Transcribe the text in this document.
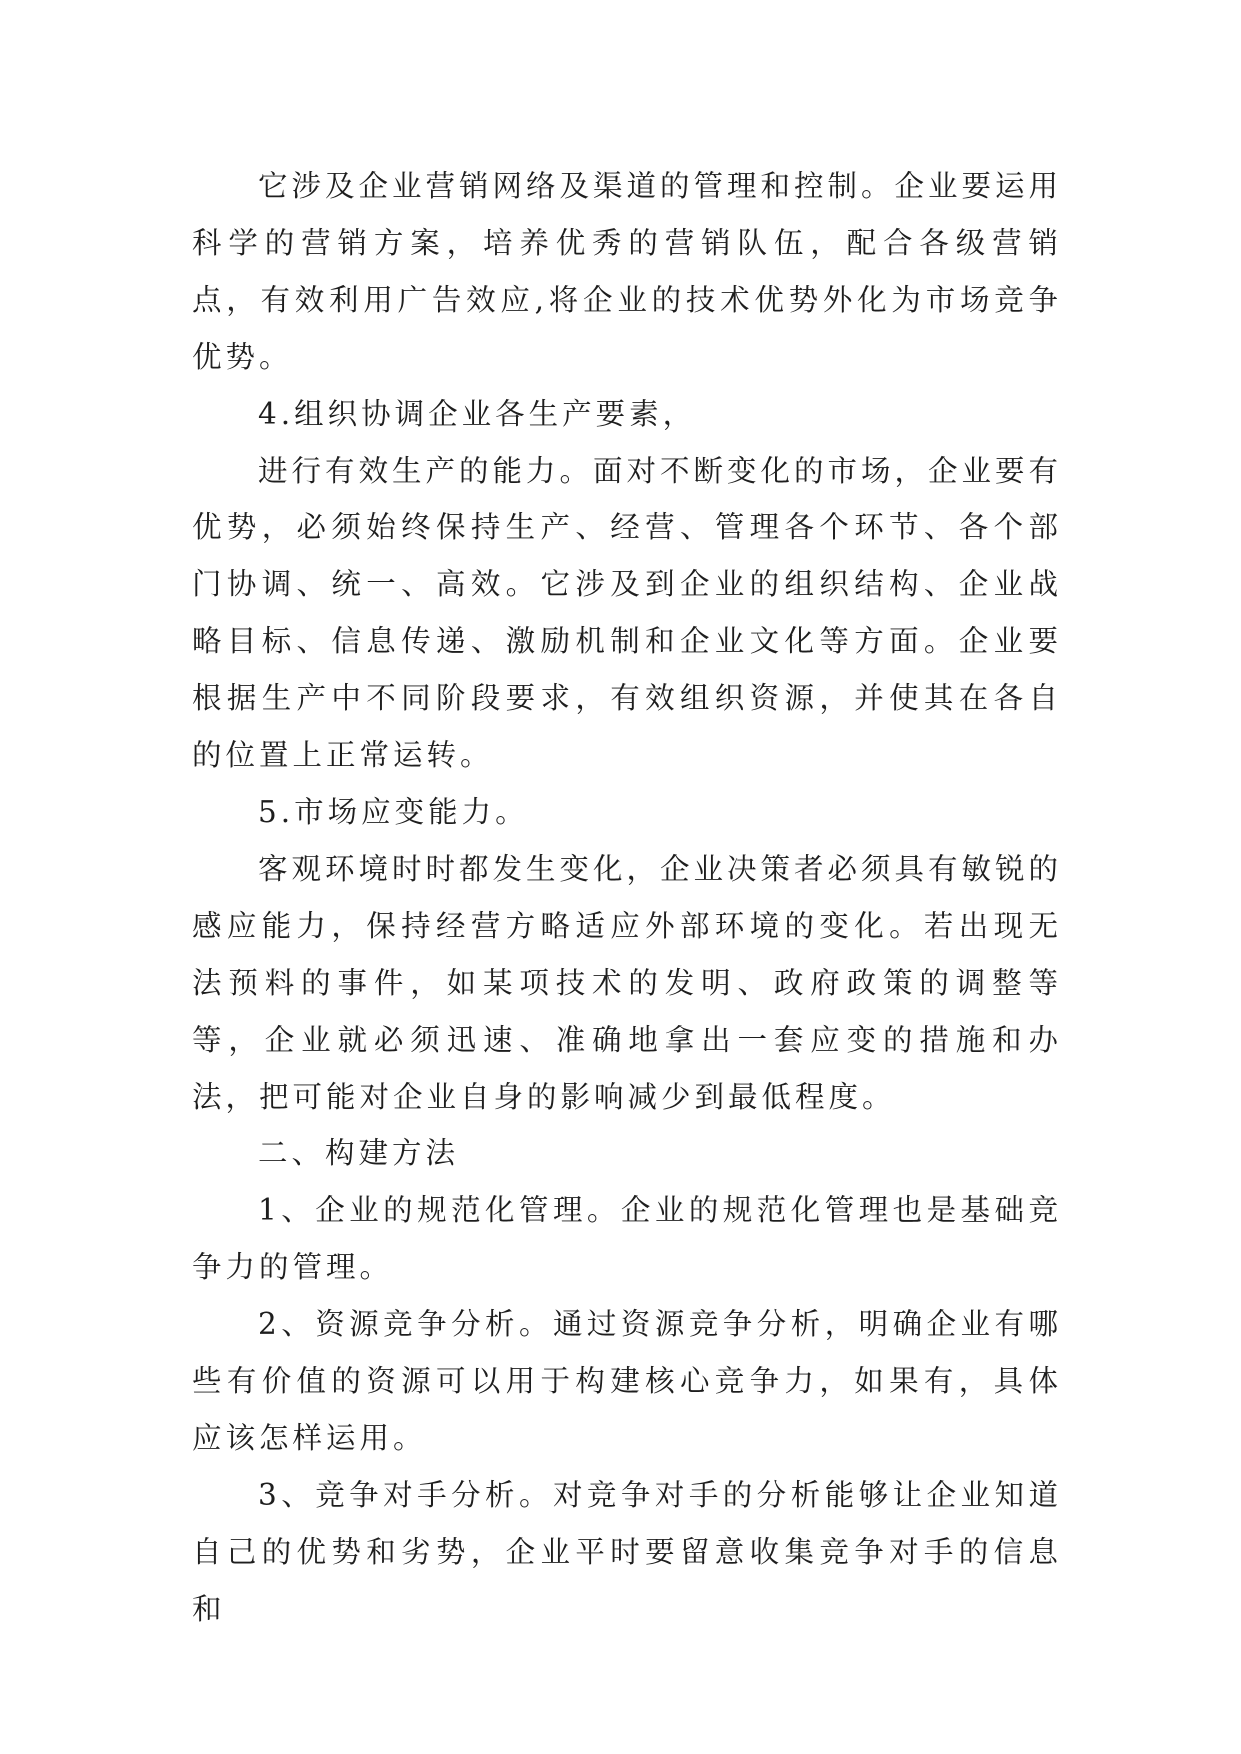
它涉及企业营销网络及渠道的管理和控制。企业要运用科学的营销方案，培养优秀的营销队伍，配合各级营销点，有效利用广告效应,将企业的技术优势外化为市场竞争优势。

4.组织协调企业各生产要素，

进行有效生产的能力。面对不断变化的市场，企业要有优势，必须始终保持生产、经营、管理各个环节、各个部门协调、统一、高效。它涉及到企业的组织结构、企业战略目标、信息传递、激励机制和企业文化等方面。企业要根据生产中不同阶段要求，有效组织资源，并使其在各自的位置上正常运转。

5.市场应变能力。

客观环境时时都发生变化，企业决策者必须具有敏锐的感应能力，保持经营方略适应外部环境的变化。若出现无法预料的事件，如某项技术的发明、政府政策的调整等等，企业就必须迅速、准确地拿出一套应变的措施和办法，把可能对企业自身的影响减少到最低程度。

二、构建方法

1、企业的规范化管理。企业的规范化管理也是基础竞争力的管理。

2、资源竞争分析。通过资源竞争分析，明确企业有哪些有价值的资源可以用于构建核心竞争力，如果有，具体应该怎样运用。

3、竞争对手分析。对竞争对手的分析能够让企业知道自己的优势和劣势，企业平时要留意收集竞争对手的信息和
